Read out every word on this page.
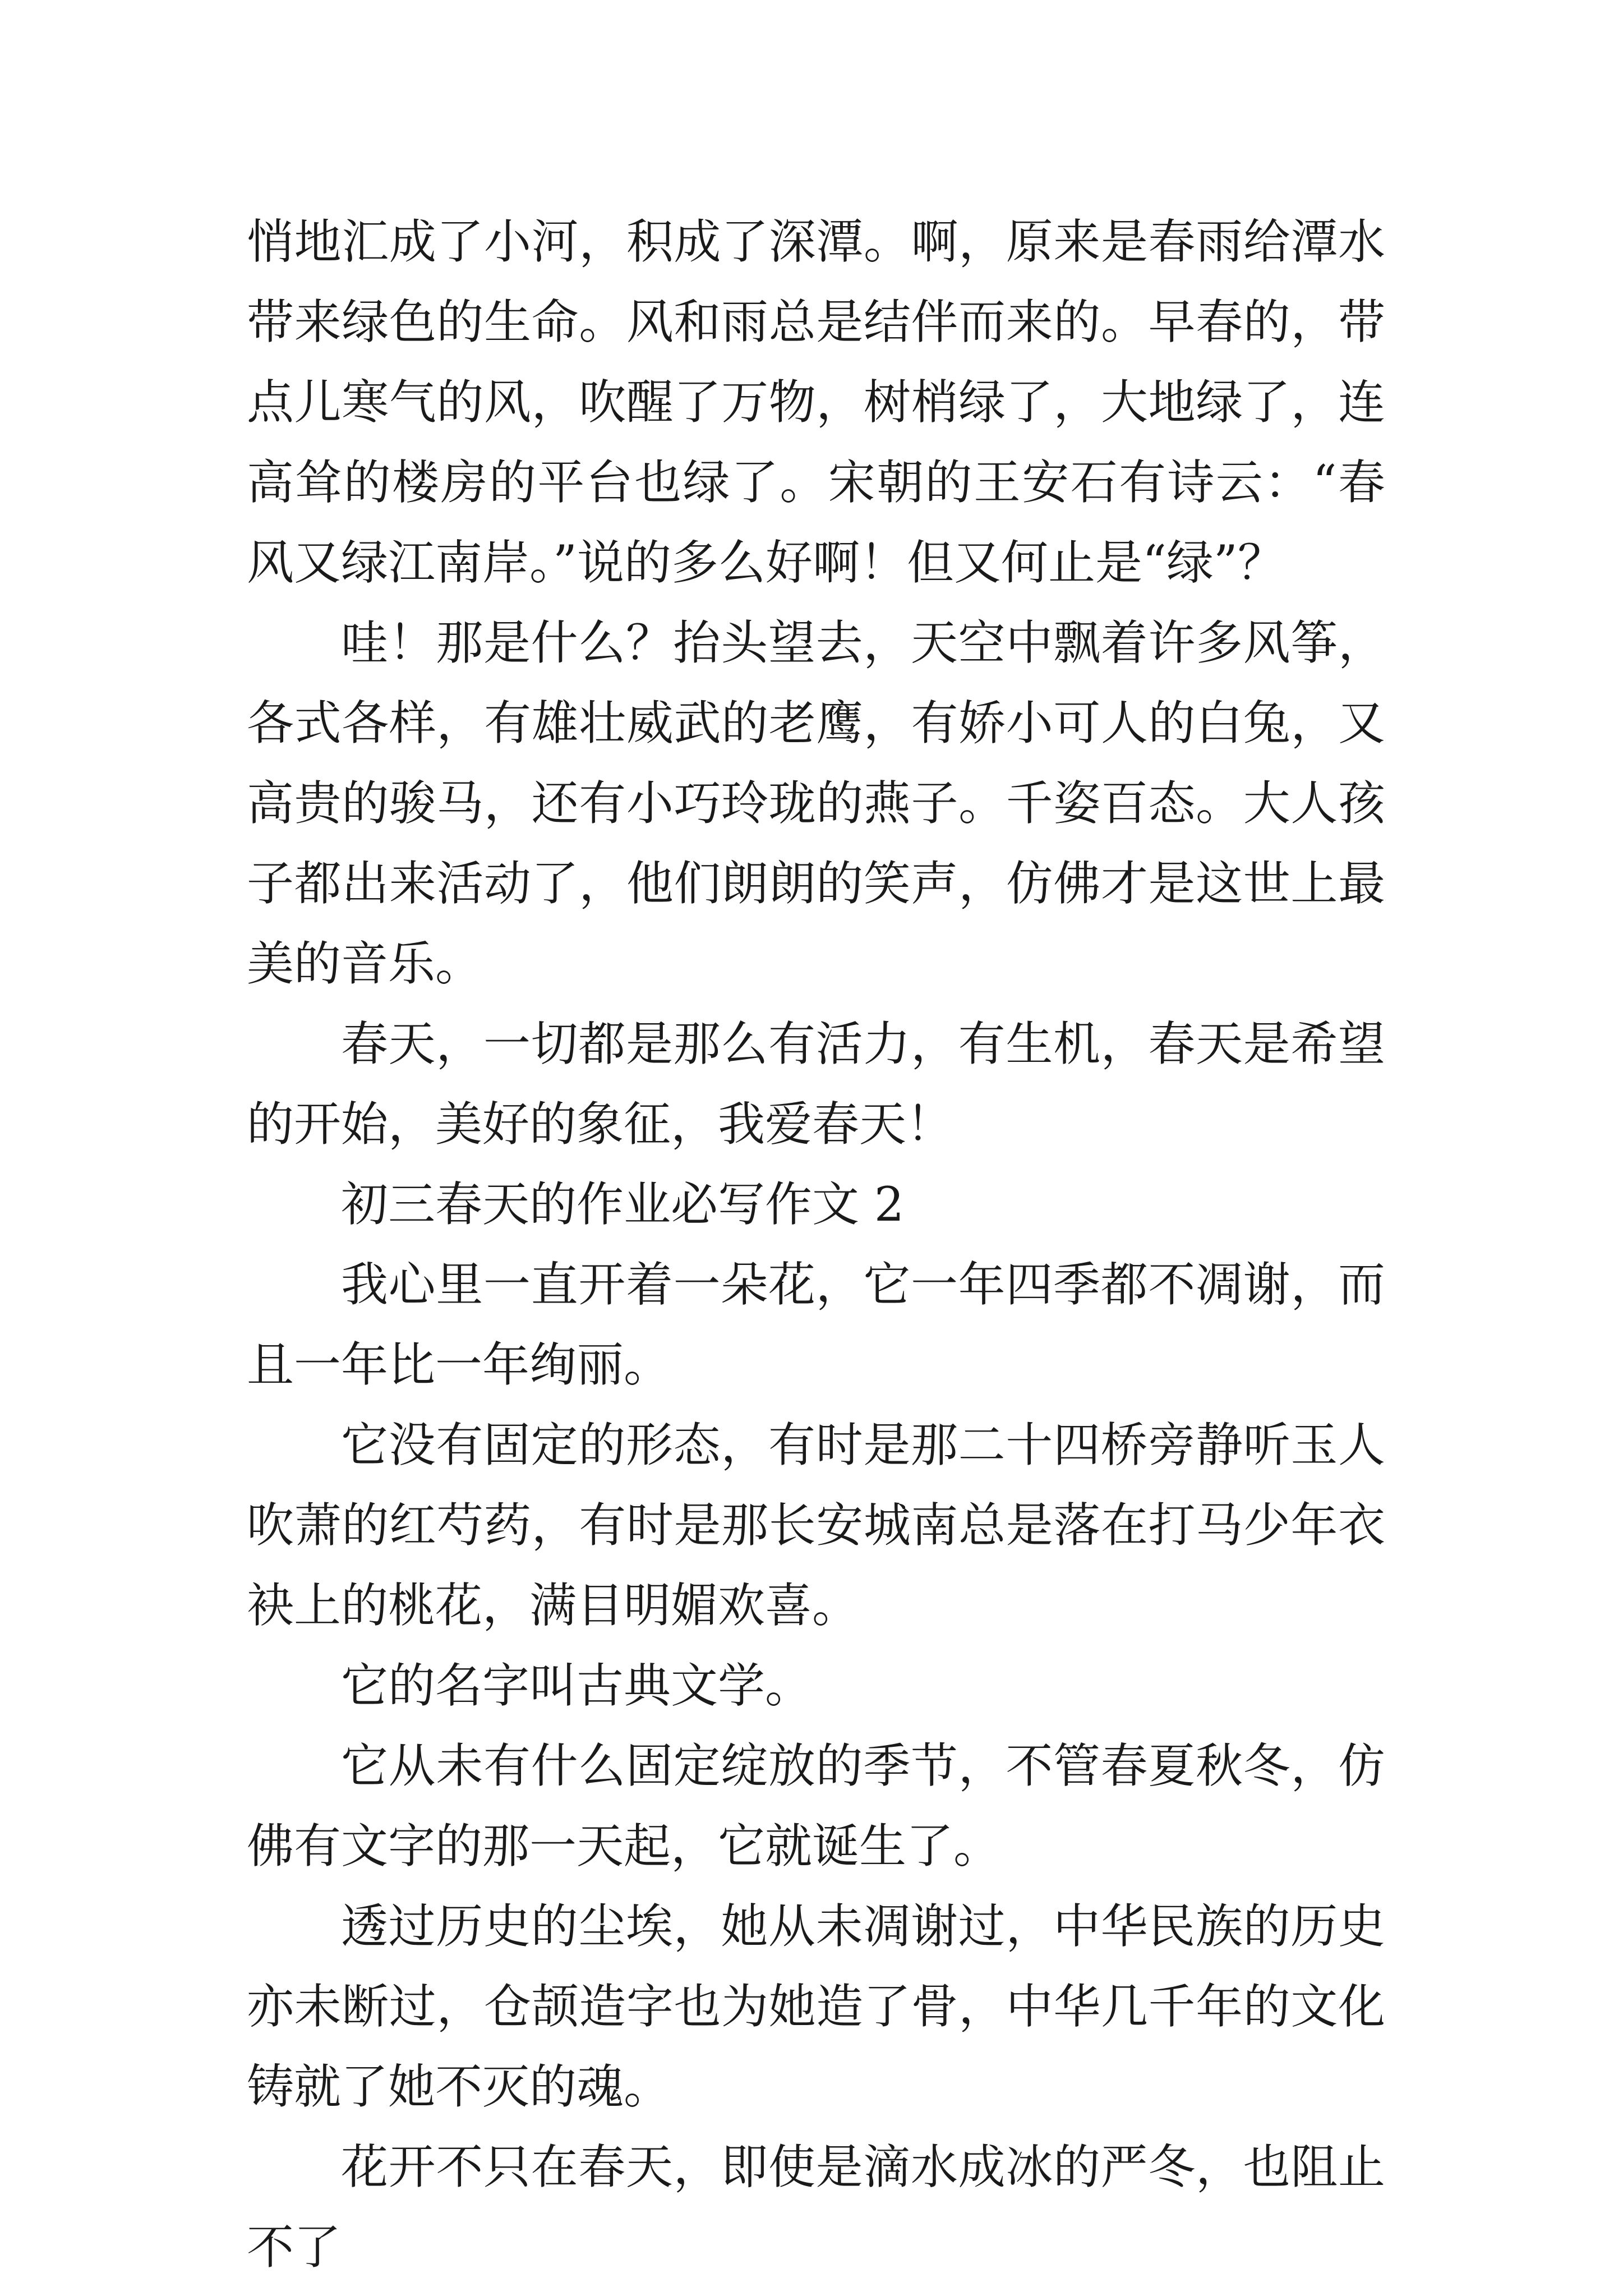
悄地汇成了小河，积成了深潭。啊，原来是春雨给潭水带来绿色的生命。风和雨总是结伴而来的。早春的，带点儿寒气的风，吹醒了万物，树梢绿了，大地绿了，连高耸的楼房的平台也绿了。宋朝的王安石有诗云：“春风又绿江南岸。”说的多么好啊！但又何止是“绿”？

哇！那是什么？抬头望去，天空中飘着许多风筝，各式各样，有雄壮威武的老鹰，有娇小可人的白兔，又高贵的骏马，还有小巧玲珑的燕子。千姿百态。大人孩子都出来活动了，他们朗朗的笑声，仿佛才是这世上最美的音乐。

春天，一切都是那么有活力，有生机，春天是希望的开始，美好的象征，我爱春天！

初三春天的作业必写作文 2

我心里一直开着一朵花，它一年四季都不凋谢，而且一年比一年绚丽。

它没有固定的形态，有时是那二十四桥旁静听玉人吹萧的红芍药，有时是那长安城南总是落在打马少年衣袂上的桃花，满目明媚欢喜。

它的名字叫古典文学。

它从未有什么固定绽放的季节，不管春夏秋冬，仿佛有文字的那一天起，它就诞生了。

透过历史的尘埃，她从未凋谢过，中华民族的历史亦未断过，仓颉造字也为她造了骨，中华几千年的文化铸就了她不灭的魂。

花开不只在春天，即使是滴水成冰的严冬，也阻止不了
